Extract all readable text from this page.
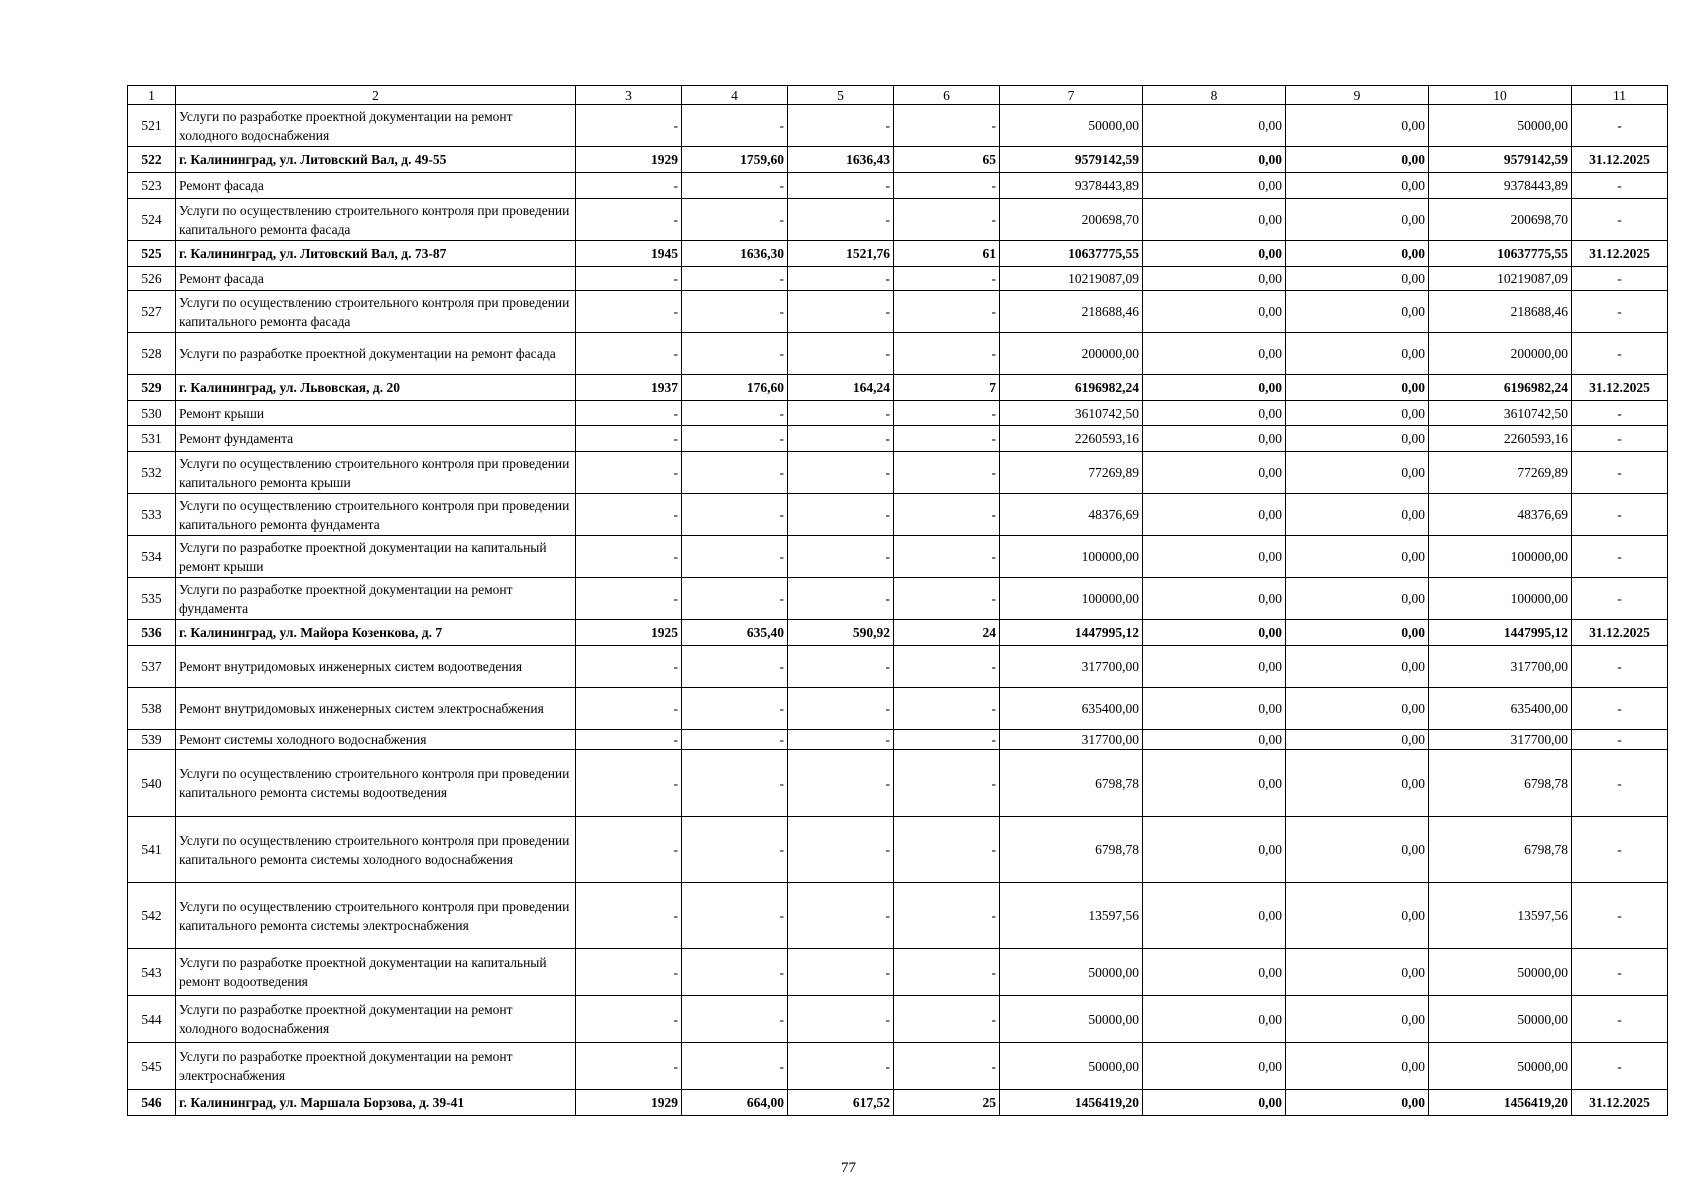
1	2	3	4	5	6	7	8	9	10	11
521	Услуги по разработке проектной документации на ремонт холодного водоснабжения	-	-	-	-	50000,00	0,00	0,00	50000,00	-
522	г. Калининград, ул. Литовский Вал, д. 49-55	1929	1759,60	1636,43	65	9579142,59	0,00	0,00	9579142,59	31.12.2025
523	Ремонт фасада	-	-	-	-	9378443,89	0,00	0,00	9378443,89	-
524	Услуги по осуществлению строительного контроля при проведении капитального ремонта фасада	-	-	-	-	200698,70	0,00	0,00	200698,70	-
525	г. Калининград, ул. Литовский Вал, д. 73-87	1945	1636,30	1521,76	61	10637775,55	0,00	0,00	10637775,55	31.12.2025
526	Ремонт фасада	-	-	-	-	10219087,09	0,00	0,00	10219087,09	-
527	Услуги по осуществлению строительного контроля при проведении капитального ремонта фасада	-	-	-	-	218688,46	0,00	0,00	218688,46	-
528	Услуги по разработке проектной документации на ремонт фасада	-	-	-	-	200000,00	0,00	0,00	200000,00	-
529	г. Калининград, ул. Львовская, д. 20	1937	176,60	164,24	7	6196982,24	0,00	0,00	6196982,24	31.12.2025
530	Ремонт крыши	-	-	-	-	3610742,50	0,00	0,00	3610742,50	-
531	Ремонт фундамента	-	-	-	-	2260593,16	0,00	0,00	2260593,16	-
532	Услуги по осуществлению строительного контроля при проведении капитального ремонта крыши	-	-	-	-	77269,89	0,00	0,00	77269,89	-
533	Услуги по осуществлению строительного контроля при проведении капитального ремонта фундамента	-	-	-	-	48376,69	0,00	0,00	48376,69	-
534	Услуги по разработке проектной документации на капитальный ремонт крыши	-	-	-	-	100000,00	0,00	0,00	100000,00	-
535	Услуги по разработке проектной документации на ремонт фундамента	-	-	-	-	100000,00	0,00	0,00	100000,00	-
536	г. Калининград, ул. Майора Козенкова, д. 7	1925	635,40	590,92	24	1447995,12	0,00	0,00	1447995,12	31.12.2025
537	Ремонт внутридомовых инженерных систем водоотведения	-	-	-	-	317700,00	0,00	0,00	317700,00	-
538	Ремонт внутридомовых инженерных систем электроснабжения	-	-	-	-	635400,00	0,00	0,00	635400,00	-
539	Ремонт системы холодного водоснабжения	-	-	-	-	317700,00	0,00	0,00	317700,00	-
540	Услуги по осуществлению строительного контроля при проведении капитального ремонта системы водоотведения	-	-	-	-	6798,78	0,00	0,00	6798,78	-
541	Услуги по осуществлению строительного контроля при проведении капитального ремонта системы холодного водоснабжения	-	-	-	-	6798,78	0,00	0,00	6798,78	-
542	Услуги по осуществлению строительного контроля при проведении капитального ремонта системы электроснабжения	-	-	-	-	13597,56	0,00	0,00	13597,56	-
543	Услуги по разработке проектной документации на капитальный ремонт водоотведения	-	-	-	-	50000,00	0,00	0,00	50000,00	-
544	Услуги по разработке проектной документации на ремонт холодного водоснабжения	-	-	-	-	50000,00	0,00	0,00	50000,00	-
545	Услуги по разработке проектной документации на ремонт электроснабжения	-	-	-	-	50000,00	0,00	0,00	50000,00	-
546	г. Калининград, ул. Маршала Борзова, д. 39-41	1929	664,00	617,52	25	1456419,20	0,00	0,00	1456419,20	31.12.2025
77
